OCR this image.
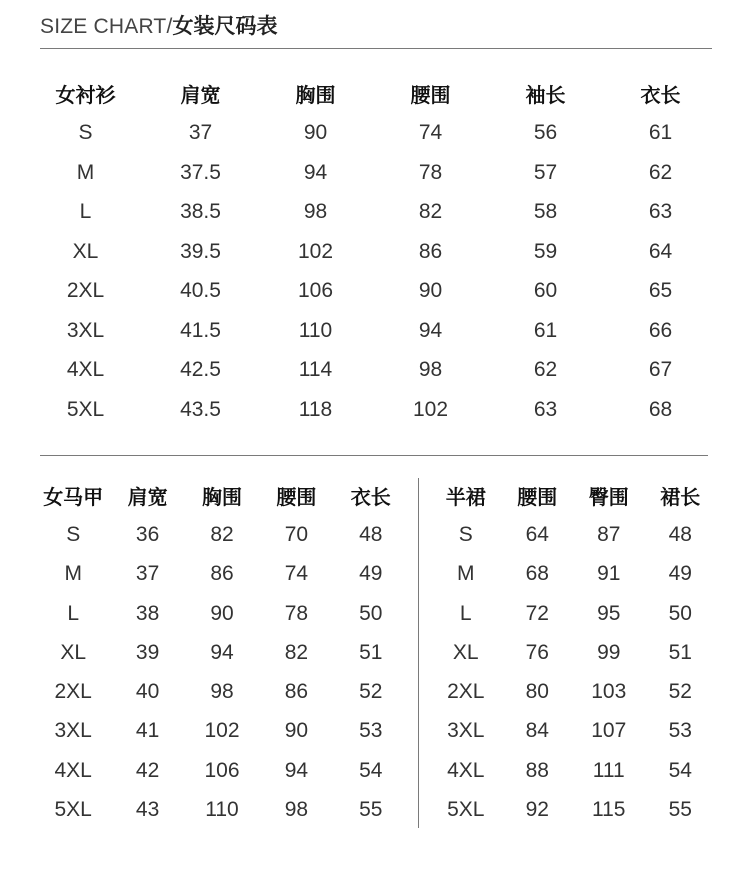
SIZE CHART/女装尺码表
女衬衫	肩宽	胸围	腰围	袖长	衣长
S	37	90	74	56	61
M	37.5	94	78	57	62
L	38.5	98	82	58	63
XL	39.5	102	86	59	64
2XL	40.5	106	90	60	65
3XL	41.5	110	94	61	66
4XL	42.5	114	98	62	67
5XL	43.5	118	102	63	68
女马甲	肩宽	胸围	腰围	衣长
S	36	82	70	48
M	37	86	74	49
L	38	90	78	50
XL	39	94	82	51
2XL	40	98	86	52
3XL	41	102	90	53
4XL	42	106	94	54
5XL	43	110	98	55
半裙	腰围	臀围	裙长
S	64	87	48
M	68	91	49
L	72	95	50
XL	76	99	51
2XL	80	103	52
3XL	84	107	53
4XL	88	111	54
5XL	92	115	55
